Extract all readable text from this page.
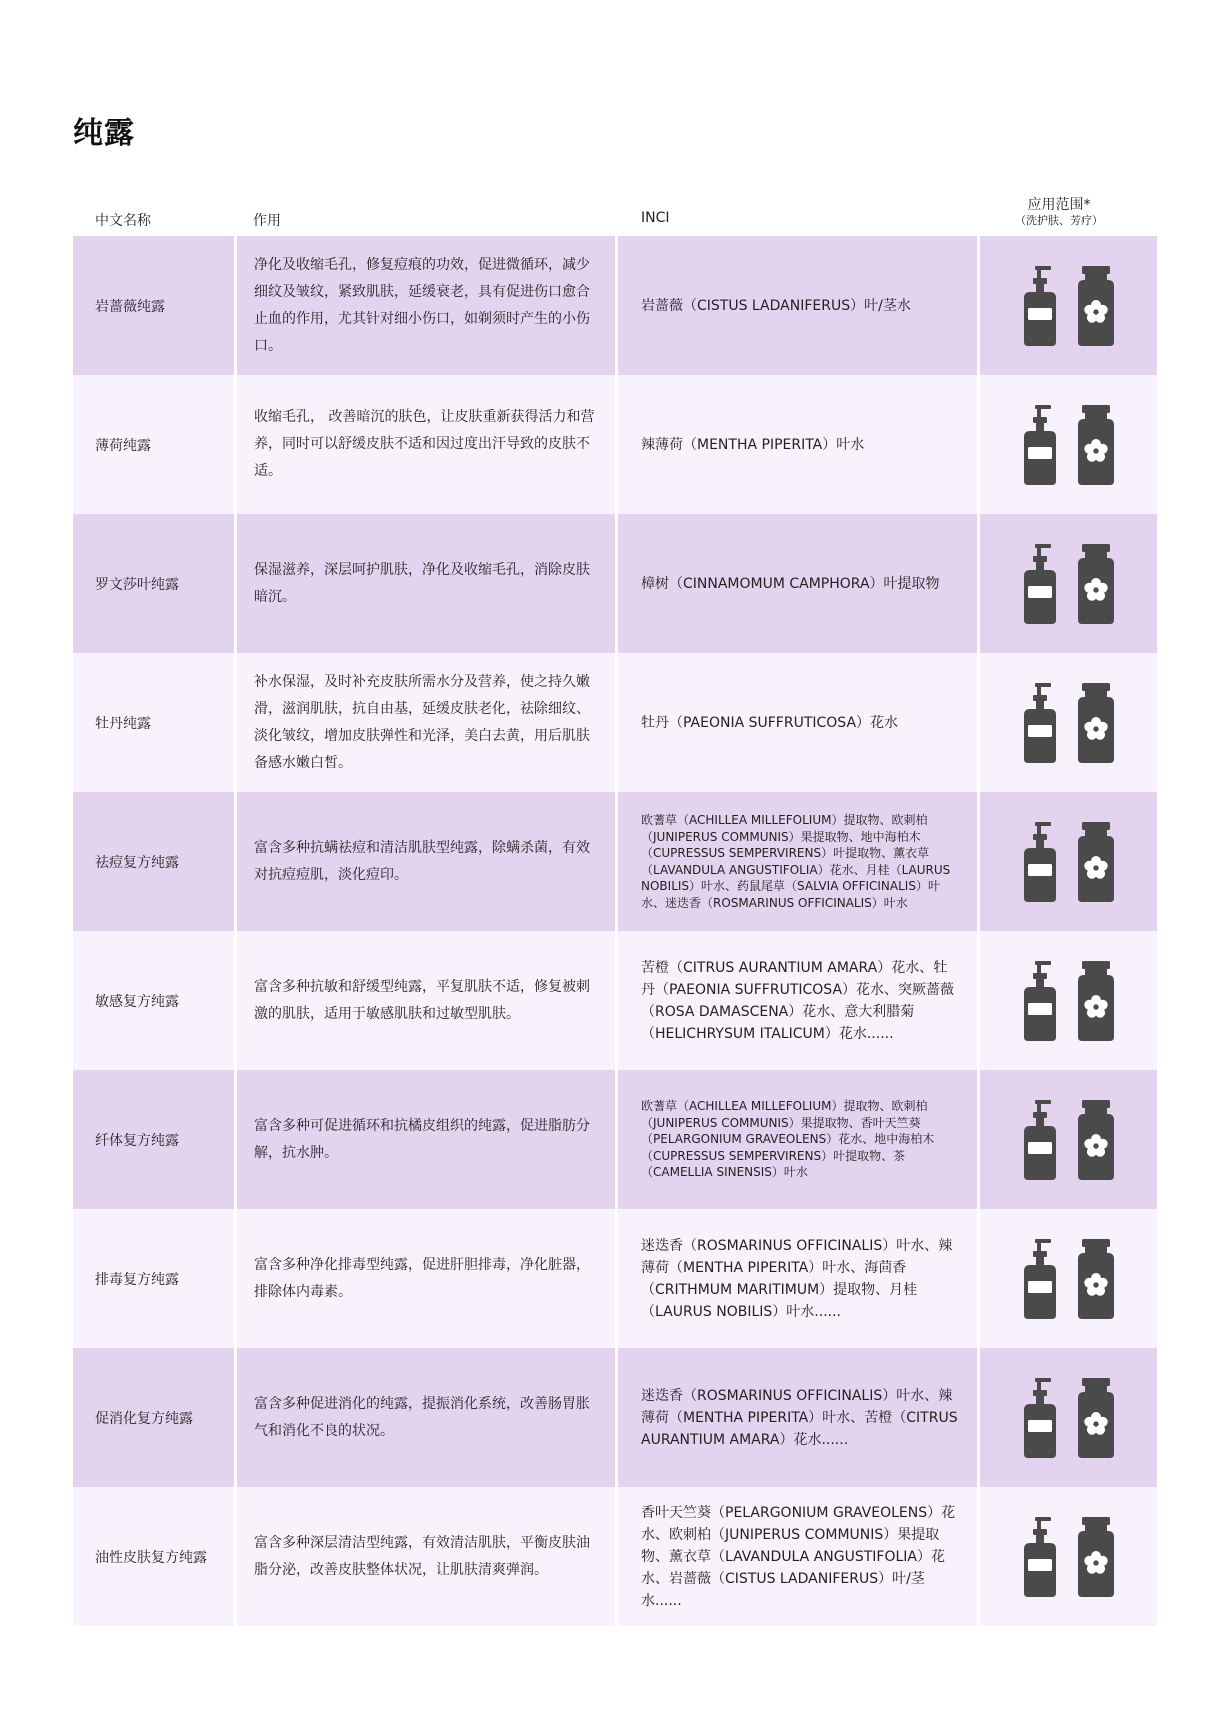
纯露
中文名称	作用	INCI
应用范围*
（洗护肤、芳疗）
岩蔷薇纯露
净化及收缩毛孔，修复痘痕的功效，促进微循环，减少细纹及皱纹，紧致肌肤，延缓衰老，具有促进伤口愈合止血的作用，尤其针对细小伤口，如剃须时产生的小伤口。
岩蔷薇（CISTUS LADANIFERUS）叶/茎水
薄荷纯露
收缩毛孔， 改善暗沉的肤色，让皮肤重新获得活力和营养，同时可以舒缓皮肤不适和因过度出汗导致的皮肤不适。
辣薄荷（MENTHA PIPERITA）叶水
罗文莎叶纯露
保湿滋养，深层呵护肌肤，净化及收缩毛孔，消除皮肤暗沉。
樟树（CINNAMOMUM CAMPHORA）叶提取物
牡丹纯露
补水保湿，及时补充皮肤所需水分及营养，使之持久嫩滑，滋润肌肤，抗自由基，延缓皮肤老化，祛除细纹、淡化皱纹，增加皮肤弹性和光泽，美白去黄，用后肌肤备感水嫩白皙。
牡丹（PAEONIA SUFFRUTICOSA）花水
祛痘复方纯露
富含多种抗螨祛痘和清洁肌肤型纯露，除螨杀菌，有效对抗痘痘肌，淡化痘印。
欧蓍草（ACHILLEA MILLEFOLIUM）提取物、欧刺柏（JUNIPERUS COMMUNIS）果提取物、地中海柏木（CUPRESSUS SEMPERVIRENS）叶提取物、薰衣草（LAVANDULA ANGUSTIFOLIA）花水、月桂（LAURUS NOBILIS）叶水、药鼠尾草（SALVIA OFFICINALIS）叶水、迷迭香（ROSMARINUS OFFICINALIS）叶水
敏感复方纯露
富含多种抗敏和舒缓型纯露，平复肌肤不适，修复被刺激的肌肤，适用于敏感肌肤和过敏型肌肤。
苦橙（CITRUS AURANTIUM AMARA）花水、牡丹（PAEONIA SUFFRUTICOSA）花水、突厥蔷薇（ROSA DAMASCENA）花水、意大利腊菊（HELICHRYSUM ITALICUM）花水......
纤体复方纯露
富含多种可促进循环和抗橘皮组织的纯露，促进脂肪分解，抗水肿。
欧蓍草（ACHILLEA MILLEFOLIUM）提取物、欧刺柏（JUNIPERUS COMMUNIS）果提取物、香叶天竺葵（PELARGONIUM GRAVEOLENS）花水、地中海柏木（CUPRESSUS SEMPERVIRENS）叶提取物、茶（CAMELLIA SINENSIS）叶水
排毒复方纯露
富含多种净化排毒型纯露，促进肝胆排毒，净化脏器，排除体内毒素。
迷迭香（ROSMARINUS OFFICINALIS）叶水、辣薄荷（MENTHA PIPERITA）叶水、海茴香（CRITHMUM MARITIMUM）提取物、月桂（LAURUS NOBILIS）叶水......
促消化复方纯露
富含多种促进消化的纯露，提振消化系统，改善肠胃胀气和消化不良的状况。
迷迭香（ROSMARINUS OFFICINALIS）叶水、辣薄荷（MENTHA PIPERITA）叶水、苦橙（CITRUS AURANTIUM AMARA）花水......
油性皮肤复方纯露
富含多种深层清洁型纯露，有效清洁肌肤，平衡皮肤油脂分泌，改善皮肤整体状况，让肌肤清爽弹润。
香叶天竺葵（PELARGONIUM GRAVEOLENS）花水、欧刺柏（JUNIPERUS COMMUNIS）果提取物、薰衣草（LAVANDULA ANGUSTIFOLIA）花水、岩蔷薇（CISTUS LADANIFERUS）叶/茎水......
